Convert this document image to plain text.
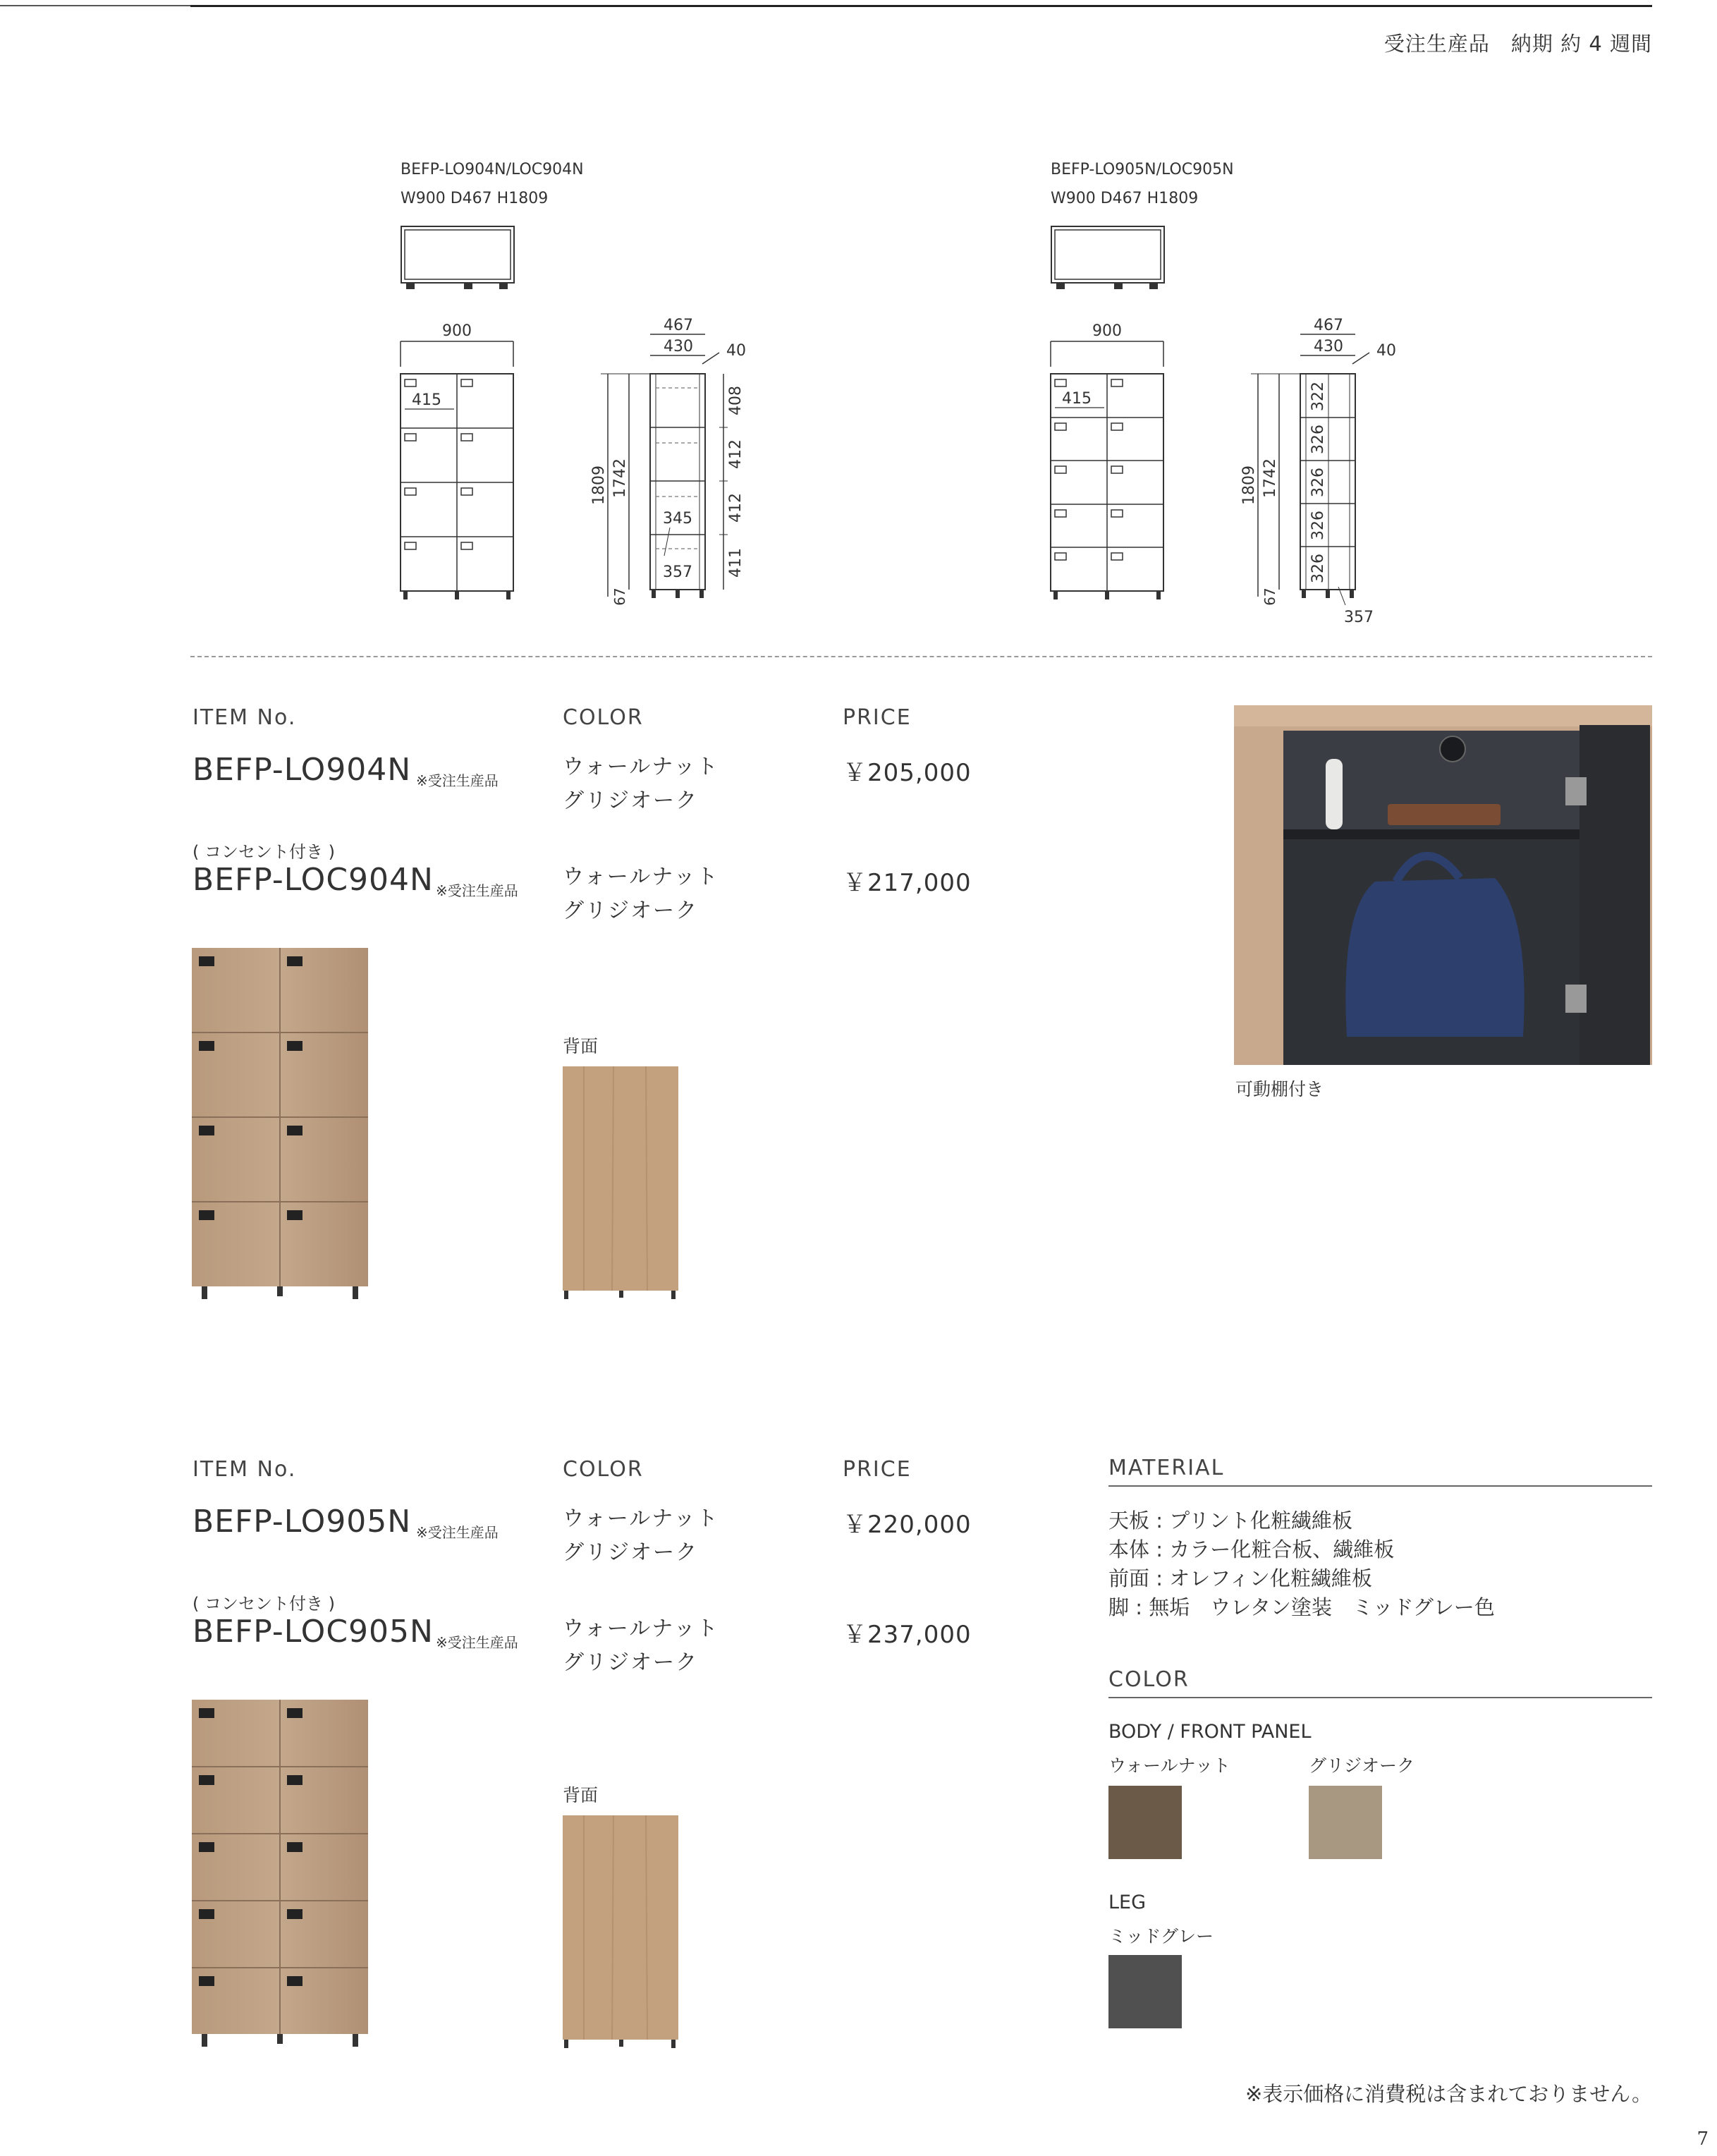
受注生産品　納期 約 4 週間
BEFP-LO904N/LOC904N
W900 D467 H1809
900
415
467
430 40
345
357
1809 1742
67
408
412
412
411
BEFP-LO905N/LOC905N
W900 D467 H1809
900
415
467
430 40
322
326
326
326
326
1809 1742
67
357
ITEM No.	COLOR	PRICE
BEFP-LO904N ※受注生産品
ウォールナット
グリジオーク
￥205,000
( コンセント付き )
BEFP-LOC904N ※受注生産品
ウォールナット
グリジオーク
￥217,000
背面
可動棚付き
ITEM No.	COLOR	PRICE
BEFP-LO905N ※受注生産品
ウォールナット
グリジオーク
￥220,000
( コンセント付き )
BEFP-LOC905N ※受注生産品
ウォールナット
グリジオーク
￥237,000
背面
MATERIAL
天板 : プリント化粧繊維板
本体 : カラー化粧合板、繊維板
前面 : オレフィン化粧繊維板
脚 : 無垢　ウレタン塗装　ミッドグレー色
COLOR
BODY / FRONT PANEL
ウォールナット	グリジオーク
LEG
ミッドグレー
※表示価格に消費税は含まれておりません。
7
